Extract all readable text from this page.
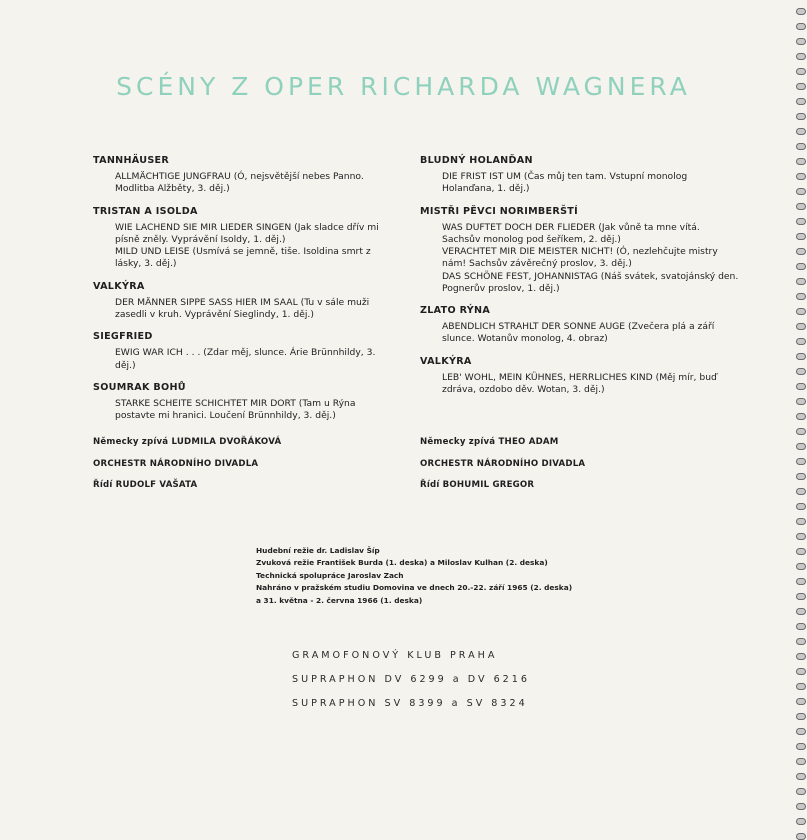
SCÉNY Z OPER RICHARDA WAGNERA
TANNHÄUSER
ALLMÄCHTIGE JUNGFRAU (Ó, nejsvětější nebes Panno. Modlitba Alžběty, 3. děj.)
TRISTAN A ISOLDA
WIE LACHEND SIE MIR LIEDER SINGEN (Jak sladce dřív mi písně zněly. Vyprávění Isoldy, 1. děj.)
MILD UND LEISE (Usmívá se jemně, tiše. Isoldina smrt z lásky, 3. děj.)
VALKÝRA
DER MÄNNER SIPPE SASS HIER IM SAAL (Tu v sále muži zasedli v kruh. Vyprávění Sieglindy, 1. děj.)
SIEGFRIED
EWIG WAR ICH . . . (Zdar měj, slunce. Árie Brünnhildy, 3. děj.)
SOUMRAK BOHŮ
STARKE SCHEITE SCHICHTET MIR DORT (Tam u Rýna postavte mi hranici. Loučení Brünnhildy, 3. děj.)
BLUDNÝ HOLANĎAN
DIE FRIST IST UM (Čas můj ten tam. Vstupní monolog Holanďana, 1. děj.)
MISTŘI PĚVCI NORIMBERŠTÍ
WAS DUFTET DOCH DER FLIEDER (Jak vůně ta mne vítá. Sachsův monolog pod šeříkem, 2. děj.)
VERACHTET MIR DIE MEISTER NICHT! (Ó, nezlehčujte mistry nám! Sachsův závěrečný proslov, 3. děj.)
DAS SCHÖNE FEST, JOHANNISTAG (Náš svátek, svatojánský den. Pognerův proslov, 1. děj.)
ZLATO RÝNA
ABENDLICH STRAHLT DER SONNE AUGE (Zvečera plá a září slunce. Wotanův monolog, 4. obraz)
VALKÝRA
LEB' WOHL, MEIN KÜHNES, HERRLICHES KIND (Měj mír, buď zdráva, ozdobo děv. Wotan, 3. děj.)
Německy zpívá LUDMILA DVOŘÁKOVÁ
ORCHESTR NÁRODNÍHO DIVADLA
Řídí RUDOLF VAŠATA
Německy zpívá THEO ADAM
ORCHESTR NÁRODNÍHO DIVADLA
Řídí BOHUMIL GREGOR
Hudební režie dr. Ladislav Šíp
Zvuková režie František Burda (1. deska) a Miloslav Kulhan (2. deska)
Technická spolupráce Jaroslav Zach
Nahráno v pražském studiu Domovina ve dnech 20.-22. září 1965 (2. deska)
a 31. května - 2. června 1966 (1. deska)
GRAMOFONOVÝ KLUB PRAHA
SUPRAPHON DV 6299 a DV 6216
SUPRAPHON SV 8399 a SV 8324
